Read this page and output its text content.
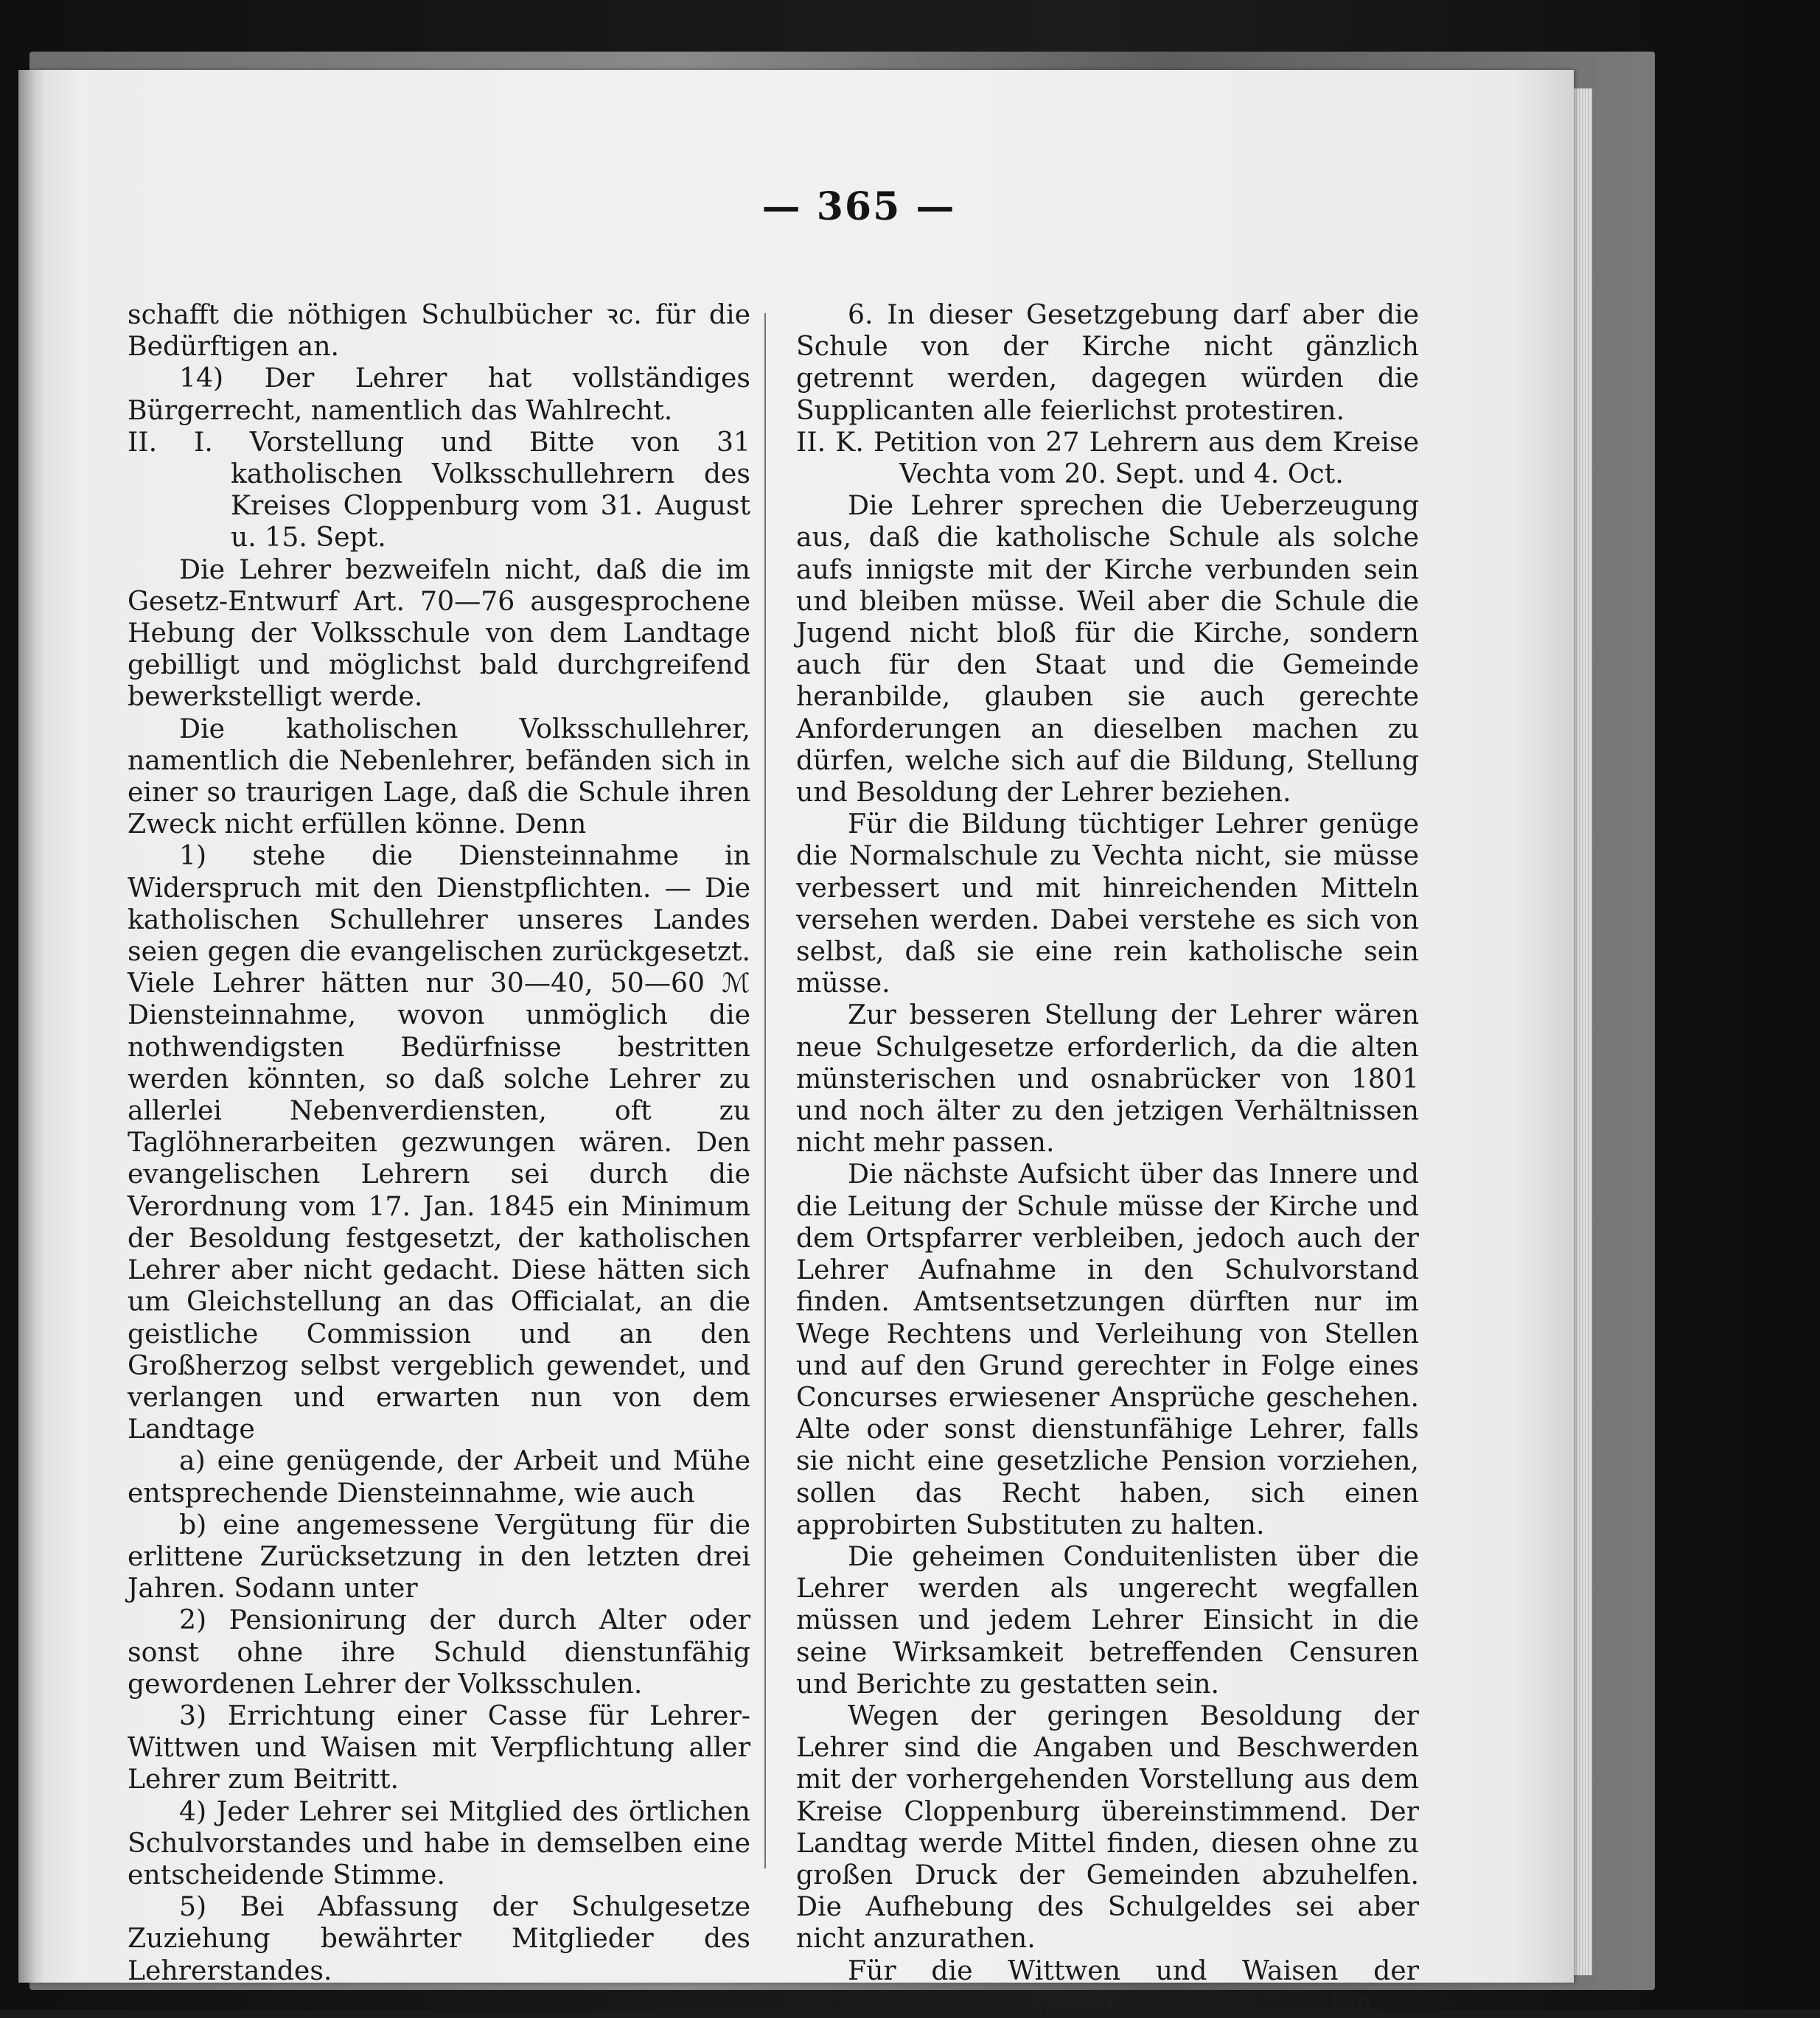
— 365 —

schafft die nöthigen Schulbücher ꝛc. für die Bedürftigen an.

14) Der Lehrer hat vollständiges Bürgerrecht, namentlich das Wahlrecht.

II. I. Vorstellung und Bitte von 31 katholischen Volksschullehrern des Kreises Cloppenburg vom 31. August u. 15. Sept.

Die Lehrer bezweifeln nicht, daß die im Gesetz-Entwurf Art. 70—76 ausgesprochene Hebung der Volksschule von dem Landtage gebilligt und möglichst bald durchgreifend bewerkstelligt werde.

Die katholischen Volksschullehrer, namentlich die Nebenlehrer, befänden sich in einer so traurigen Lage, daß die Schule ihren Zweck nicht erfüllen könne. Denn

1) stehe die Diensteinnahme in Widerspruch mit den Dienstpflichten. — Die katholischen Schullehrer unseres Landes seien gegen die evangelischen zurückgesetzt. Viele Lehrer hätten nur 30—40, 50—60 ℳ Diensteinnahme, wovon unmöglich die nothwendigsten Bedürfnisse bestritten werden könnten, so daß solche Lehrer zu allerlei Nebenverdiensten, oft zu Taglöhnerarbeiten gezwungen wären. Den evangelischen Lehrern sei durch die Verordnung vom 17. Jan. 1845 ein Minimum der Besoldung festgesetzt, der katholischen Lehrer aber nicht gedacht. Diese hätten sich um Gleichstellung an das Officialat, an die geistliche Commission und an den Großherzog selbst vergeblich gewendet, und verlangen und erwarten nun von dem Landtage

a) eine genügende, der Arbeit und Mühe entsprechende Diensteinnahme, wie auch

b) eine angemessene Vergütung für die erlittene Zurücksetzung in den letzten drei Jahren. Sodann unter

2) Pensionirung der durch Alter oder sonst ohne ihre Schuld dienstunfähig gewordenen Lehrer der Volksschulen.

3) Errichtung einer Casse für Lehrer-Wittwen und Waisen mit Verpflichtung aller Lehrer zum Beitritt.

4) Jeder Lehrer sei Mitglied des örtlichen Schulvorstandes und habe in demselben eine entscheidende Stimme.

5) Bei Abfassung der Schulgesetze Zuziehung bewährter Mitglieder des Lehrerstandes.

6. In dieser Gesetzgebung darf aber die Schule von der Kirche nicht gänzlich getrennt werden, dagegen würden die Supplicanten alle feierlichst protestiren.

II. K. Petition von 27 Lehrern aus dem Kreise Vechta vom 20. Sept. und 4. Oct.

Die Lehrer sprechen die Ueberzeugung aus, daß die katholische Schule als solche aufs innigste mit der Kirche verbunden sein und bleiben müsse. Weil aber die Schule die Jugend nicht bloß für die Kirche, sondern auch für den Staat und die Gemeinde heranbilde, glauben sie auch gerechte Anforderungen an dieselben machen zu dürfen, welche sich auf die Bildung, Stellung und Besoldung der Lehrer beziehen.

Für die Bildung tüchtiger Lehrer genüge die Normalschule zu Vechta nicht, sie müsse verbessert und mit hinreichenden Mitteln versehen werden. Dabei verstehe es sich von selbst, daß sie eine rein katholische sein müsse.

Zur besseren Stellung der Lehrer wären neue Schulgesetze erforderlich, da die alten münsterischen und osnabrücker von 1801 und noch älter zu den jetzigen Verhältnissen nicht mehr passen.

Die nächste Aufsicht über das Innere und die Leitung der Schule müsse der Kirche und dem Ortspfarrer verbleiben, jedoch auch der Lehrer Aufnahme in den Schulvorstand finden. Amtsentsetzungen dürften nur im Wege Rechtens und Verleihung von Stellen und auf den Grund gerechter in Folge eines Concurses erwiesener Ansprüche geschehen. Alte oder sonst dienstunfähige Lehrer, falls sie nicht eine gesetzliche Pension vorziehen, sollen das Recht haben, sich einen approbirten Substituten zu halten.

Die geheimen Conduitenlisten über die Lehrer werden als ungerecht wegfallen müssen und jedem Lehrer Einsicht in die seine Wirksamkeit betreffenden Censuren und Berichte zu gestatten sein.

Wegen der geringen Besoldung der Lehrer sind die Angaben und Beschwerden mit der vorhergehenden Vorstellung aus dem Kreise Cloppenburg übereinstimmend. Der Landtag werde Mittel finden, diesen ohne zu großen Druck der Gemeinden abzuhelfen. Die Aufhebung des Schulgeldes sei aber nicht anzurathen.

Für die Wittwen und Waisen der katholischen Lehrer möge gesorgt werden.
